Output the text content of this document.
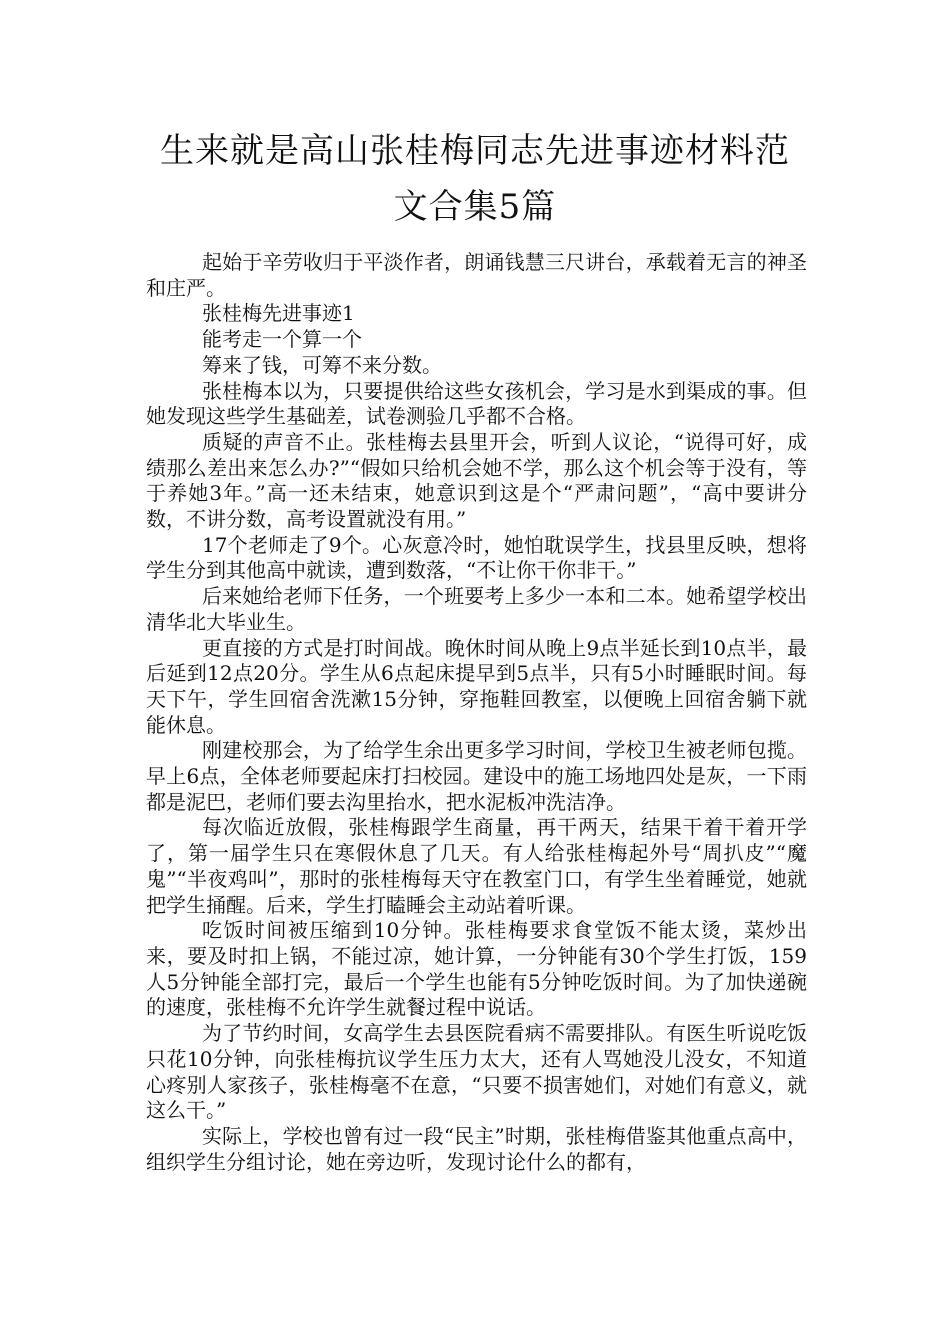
生来就是高山张桂梅同志先进事迹材料范
文合集5篇

起始于辛劳收归于平淡作者，朗诵钱慧三尺讲台，承载着无言的神圣和庄严。

张桂梅先进事迹1

能考走一个算一个

筹来了钱，可筹不来分数。

张桂梅本以为，只要提供给这些女孩机会，学习是水到渠成的事。但她发现这些学生基础差，试卷测验几乎都不合格。

质疑的声音不止。张桂梅去县里开会，听到人议论，“说得可好，成绩那么差出来怎么办?”“假如只给机会她不学，那么这个机会等于没有，等于养她3年。”高一还未结束，她意识到这是个“严肃问题”，“高中要讲分数，不讲分数，高考设置就没有用。”

17个老师走了9个。心灰意冷时，她怕耽误学生，找县里反映，想将学生分到其他高中就读，遭到数落，“不让你干你非干。”

后来她给老师下任务，一个班要考上多少一本和二本。她希望学校出清华北大毕业生。

更直接的方式是打时间战。晚休时间从晚上9点半延长到10点半，最后延到12点20分。学生从6点起床提早到5点半，只有5小时睡眠时间。每天下午，学生回宿舍洗漱15分钟，穿拖鞋回教室，以便晚上回宿舍躺下就能休息。

刚建校那会，为了给学生余出更多学习时间，学校卫生被老师包揽。早上6点，全体老师要起床打扫校园。建设中的施工场地四处是灰，一下雨都是泥巴，老师们要去沟里抬水，把水泥板冲洗洁净。

每次临近放假，张桂梅跟学生商量，再干两天，结果干着干着开学了，第一届学生只在寒假休息了几天。有人给张桂梅起外号“周扒皮”“魔鬼”“半夜鸡叫”，那时的张桂梅每天守在教室门口，有学生坐着睡觉，她就把学生捅醒。后来，学生打瞌睡会主动站着听课。

吃饭时间被压缩到10分钟。张桂梅要求食堂饭不能太烫，菜炒出来，要及时扣上锅，不能过凉，她计算，一分钟能有30个学生打饭，159人5分钟能全部打完，最后一个学生也能有5分钟吃饭时间。为了加快递碗的速度，张桂梅不允许学生就餐过程中说话。

为了节约时间，女高学生去县医院看病不需要排队。有医生听说吃饭只花10分钟，向张桂梅抗议学生压力太大，还有人骂她没儿没女，不知道心疼别人家孩子，张桂梅毫不在意，“只要不损害她们，对她们有意义，就这么干。”

实际上，学校也曾有过一段“民主”时期，张桂梅借鉴其他重点高中，组织学生分组讨论，她在旁边听，发现讨论什么的都有，
